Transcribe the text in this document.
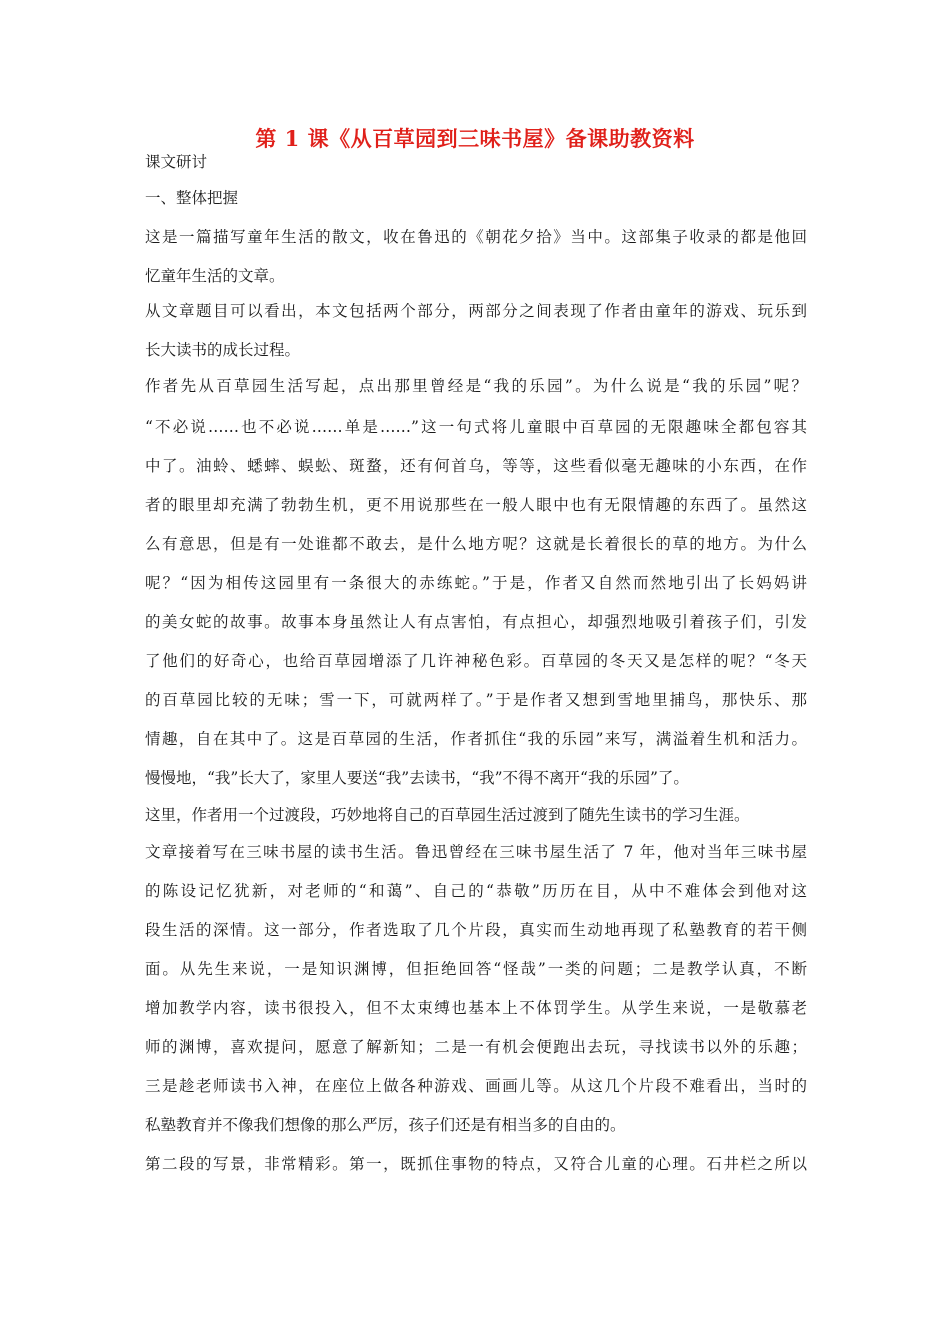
第 1 课《从百草园到三味书屋》备课助教资料
课文研讨
一、整体把握
这是一篇描写童年生活的散文，收在鲁迅的《朝花夕拾》当中。这部集子收录的都是他回
忆童年生活的文章。
从文章题目可以看出，本文包括两个部分，两部分之间表现了作者由童年的游戏、玩乐到
长大读书的成长过程。
作者先从百草园生活写起，点出那里曾经是“我的乐园”。为什么说是“我的乐园”呢？
“不必说……也不必说……单是……”这一句式将儿童眼中百草园的无限趣味全都包容其
中了。油蛉、蟋蟀、蜈蚣、斑蝥，还有何首乌，等等，这些看似毫无趣味的小东西，在作
者的眼里却充满了勃勃生机，更不用说那些在一般人眼中也有无限情趣的东西了。虽然这
么有意思，但是有一处谁都不敢去，是什么地方呢？这就是长着很长的草的地方。为什么
呢？“因为相传这园里有一条很大的赤练蛇。”于是，作者又自然而然地引出了长妈妈讲
的美女蛇的故事。故事本身虽然让人有点害怕，有点担心，却强烈地吸引着孩子们，引发
了他们的好奇心，也给百草园增添了几许神秘色彩。百草园的冬天又是怎样的呢？“冬天
的百草园比较的无味；雪一下，可就两样了。”于是作者又想到雪地里捕鸟，那快乐、那
情趣，自在其中了。这是百草园的生活，作者抓住“我的乐园”来写，满溢着生机和活力。
慢慢地，“我”长大了，家里人要送“我”去读书，“我”不得不离开“我的乐园”了。
这里，作者用一个过渡段，巧妙地将自己的百草园生活过渡到了随先生读书的学习生涯。
文章接着写在三味书屋的读书生活。鲁迅曾经在三味书屋生活了 7 年，他对当年三味书屋
的陈设记忆犹新，对老师的“和蔼”、自己的“恭敬”历历在目，从中不难体会到他对这
段生活的深情。这一部分，作者选取了几个片段，真实而生动地再现了私塾教育的若干侧
面。从先生来说，一是知识渊博，但拒绝回答“怪哉”一类的问题；二是教学认真，不断
增加教学内容，读书很投入，但不太束缚也基本上不体罚学生。从学生来说，一是敬慕老
师的渊博，喜欢提问，愿意了解新知；二是一有机会便跑出去玩，寻找读书以外的乐趣；
三是趁老师读书入神，在座位上做各种游戏、画画儿等。从这几个片段不难看出，当时的
私塾教育并不像我们想像的那么严厉，孩子们还是有相当多的自由的。
第二段的写景，非常精彩。第一，既抓住事物的特点，又符合儿童的心理。石井栏之所以
